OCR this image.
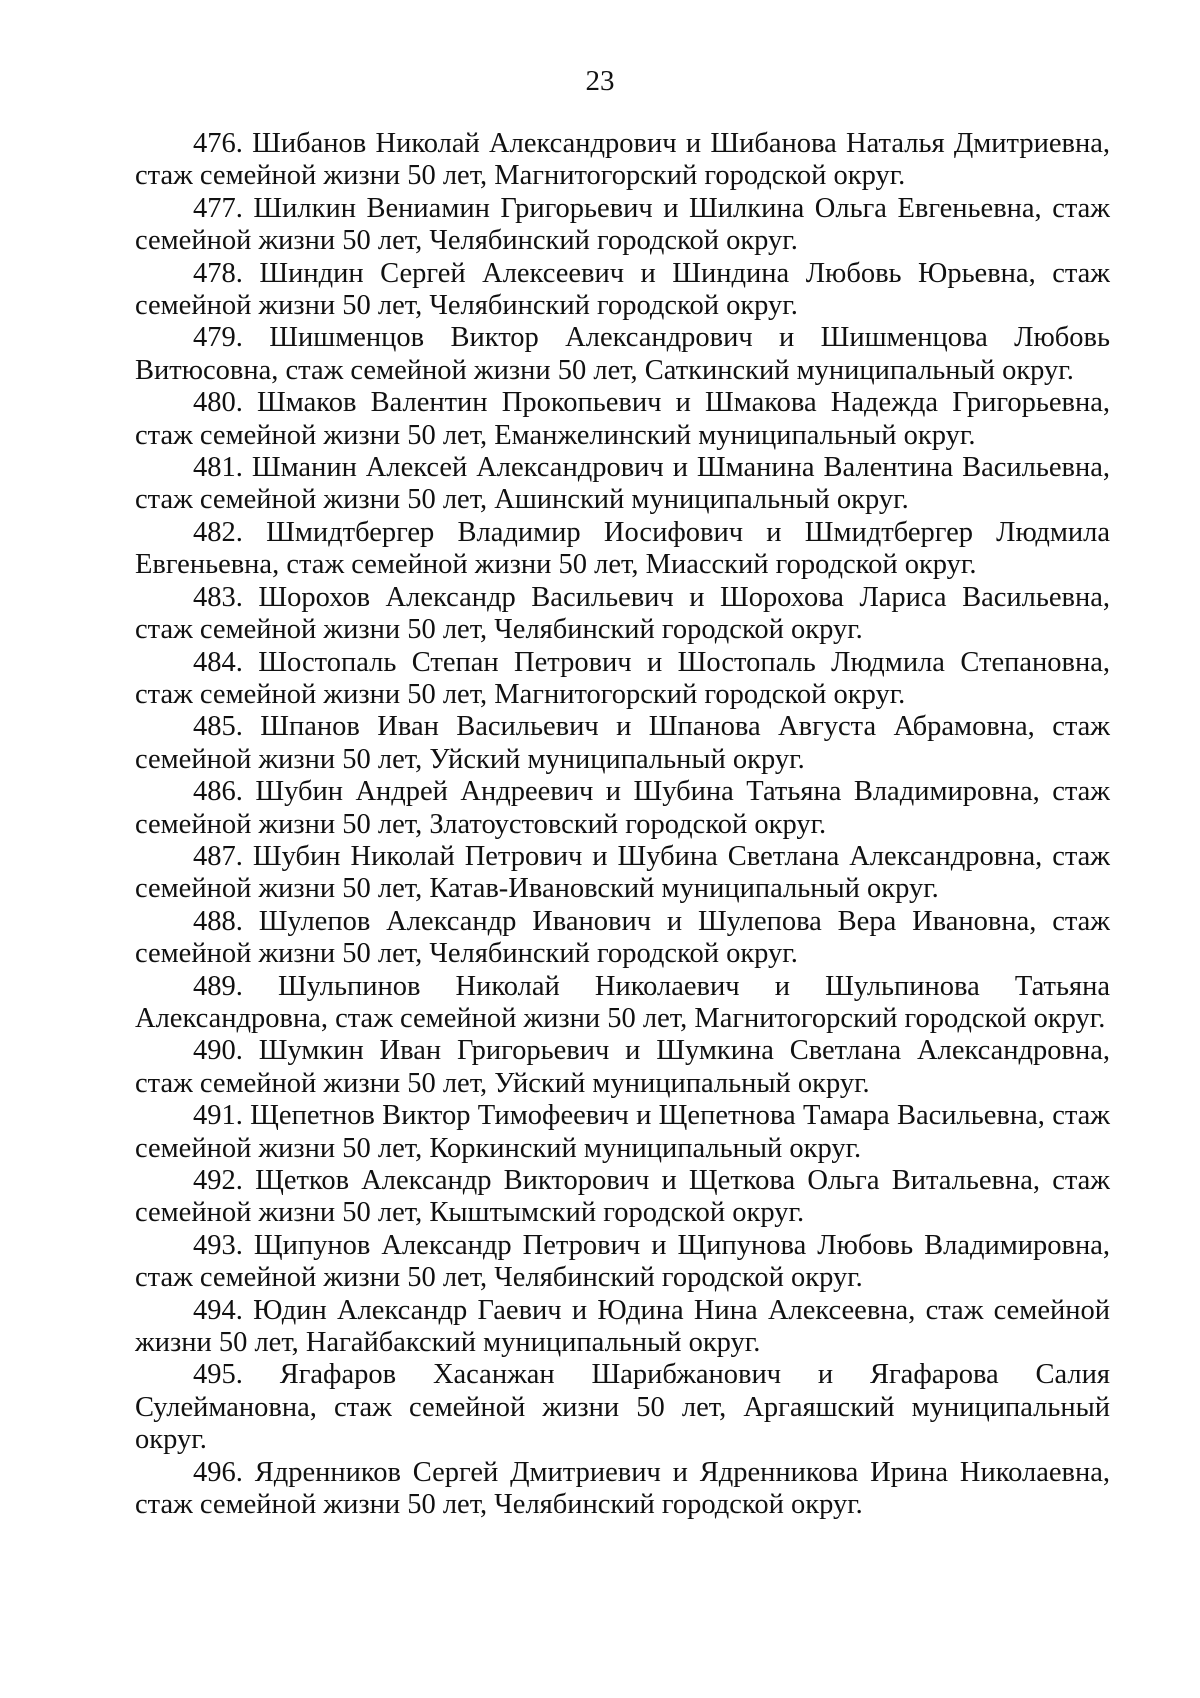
23

476. Шибанов Николай Александрович и Шибанова Наталья Дмитриевна, стаж семейной жизни 50 лет, Магнитогорский городской округ.

477. Шилкин Вениамин Григорьевич и Шилкина Ольга Евгеньевна, стаж семейной жизни 50 лет, Челябинский городской округ.

478. Шиндин Сергей Алексеевич и Шиндина Любовь Юрьевна, стаж семейной жизни 50 лет, Челябинский городской округ.

479. Шишменцов Виктор Александрович и Шишменцова Любовь Витюсовна, стаж семейной жизни 50 лет, Саткинский муниципальный округ.

480. Шмаков Валентин Прокопьевич и Шмакова Надежда Григорьевна, стаж семейной жизни 50 лет, Еманжелинский муниципальный округ.

481. Шманин Алексей Александрович и Шманина Валентина Васильевна, стаж семейной жизни 50 лет, Ашинский муниципальный округ.

482. Шмидтбергер Владимир Иосифович и Шмидтбергер Людмила Евгеньевна, стаж семейной жизни 50 лет, Миасский городской округ.

483. Шорохов Александр Васильевич и Шорохова Лариса Васильевна, стаж семейной жизни 50 лет, Челябинский городской округ.

484. Шостопаль Степан Петрович и Шостопаль Людмила Степановна, стаж семейной жизни 50 лет, Магнитогорский городской округ.

485. Шпанов Иван Васильевич и Шпанова Августа Абрамовна, стаж семейной жизни 50 лет, Уйский муниципальный округ.

486. Шубин Андрей Андреевич и Шубина Татьяна Владимировна, стаж семейной жизни 50 лет, Златоустовский городской округ.

487. Шубин Николай Петрович и Шубина Светлана Александровна, стаж семейной жизни 50 лет, Катав-Ивановский муниципальный округ.

488. Шулепов Александр Иванович и Шулепова Вера Ивановна, стаж семейной жизни 50 лет, Челябинский городской округ.

489. Шульпинов Николай Николаевич и Шульпинова Татьяна Александровна, стаж семейной жизни 50 лет, Магнитогорский городской округ.

490. Шумкин Иван Григорьевич и Шумкина Светлана Александровна, стаж семейной жизни 50 лет, Уйский муниципальный округ.

491. Щепетнов Виктор Тимофеевич и Щепетнова Тамара Васильевна, стаж семейной жизни 50 лет, Коркинский муниципальный округ.

492. Щетков Александр Викторович и Щеткова Ольга Витальевна, стаж семейной жизни 50 лет, Кыштымский городской округ.

493. Щипунов Александр Петрович и Щипунова Любовь Владимировна, стаж семейной жизни 50 лет, Челябинский городской округ.

494. Юдин Александр Гаевич и Юдина Нина Алексеевна, стаж семейной жизни 50 лет, Нагайбакский муниципальный округ.

495. Ягафаров Хасанжан Шарибжанович и Ягафарова Салия Сулеймановна, стаж семейной жизни 50 лет, Аргаяшский муниципальный округ.

496. Ядренников Сергей Дмитриевич и Ядренникова Ирина Николаевна, стаж семейной жизни 50 лет, Челябинский городской округ.
